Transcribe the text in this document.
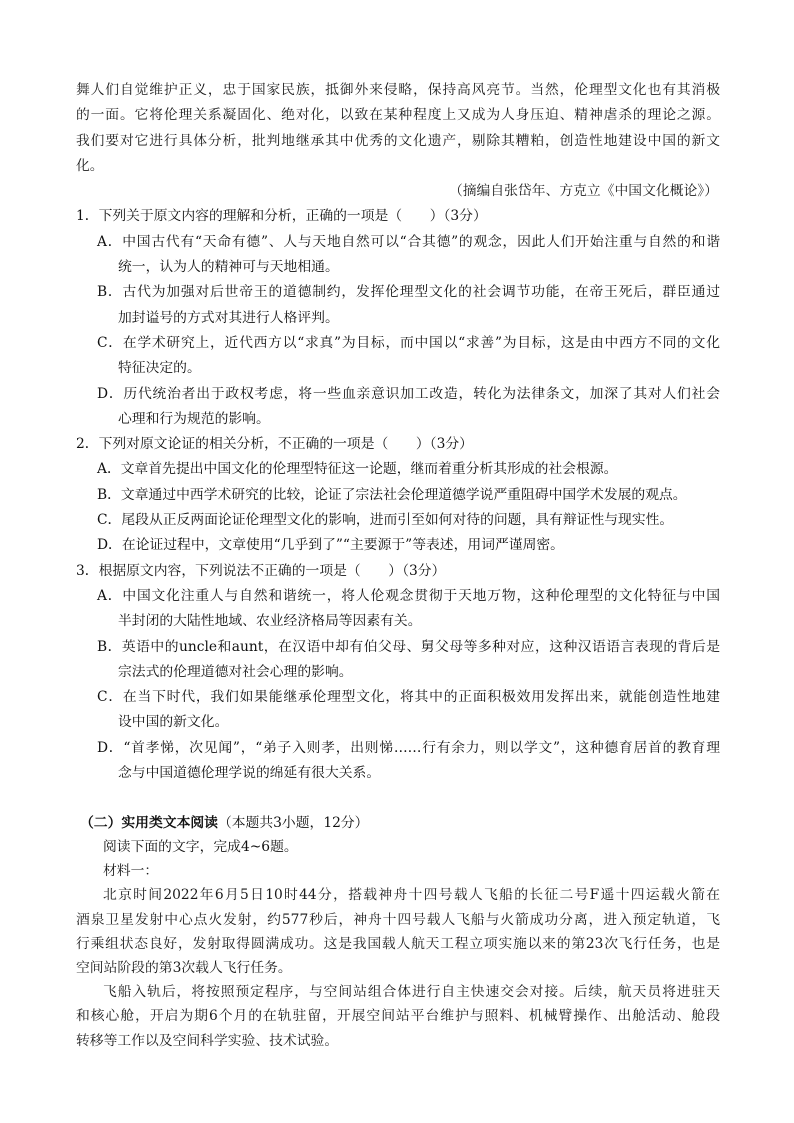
舞人们自觉维护正义，忠于国家民族，抵御外来侵略，保持高风亮节。当然，伦理型文化也有其消极
的一面。它将伦理关系凝固化、绝对化，以致在某种程度上又成为人身压迫、精神虐杀的理论之源。
我们要对它进行具体分析，批判地继承其中优秀的文化遗产，剔除其糟粕，创造性地建设中国的新文
化。
（摘编自张岱年、方克立《中国文化概论》）
1．下列关于原文内容的理解和分析，正确的一项是（　　）（3分）
A．中国古代有“天命有德”、人与天地自然可以“合其德”的观念，因此人们开始注重与自然的和谐
统一，认为人的精神可与天地相通。
B．古代为加强对后世帝王的道德制约，发挥伦理型文化的社会调节功能，在帝王死后，群臣通过
加封谥号的方式对其进行人格评判。
C．在学术研究上，近代西方以“求真”为目标，而中国以“求善”为目标，这是由中西方不同的文化
特征决定的。
D．历代统治者出于政权考虑，将一些血亲意识加工改造，转化为法律条文，加深了其对人们社会
心理和行为规范的影响。
2．下列对原文论证的相关分析，不正确的一项是（　　）（3分）
A．文章首先提出中国文化的伦理型特征这一论题，继而着重分析其形成的社会根源。
B．文章通过中西学术研究的比较，论证了宗法社会伦理道德学说严重阻碍中国学术发展的观点。
C．尾段从正反两面论证伦理型文化的影响，进而引至如何对待的问题，具有辩证性与现实性。
D．在论证过程中，文章使用“几乎到了”“主要源于”等表述，用词严谨周密。
3．根据原文内容，下列说法不正确的一项是（　　）（3分）
A．中国文化注重人与自然和谐统一，将人伦观念贯彻于天地万物，这种伦理型的文化特征与中国
半封闭的大陆性地域、农业经济格局等因素有关。
B．英语中的uncle和aunt，在汉语中却有伯父母、舅父母等多种对应，这种汉语语言表现的背后是
宗法式的伦理道德对社会心理的影响。
C．在当下时代，我们如果能继承伦理型文化，将其中的正面积极效用发挥出来，就能创造性地建
设中国的新文化。
D．“首孝悌，次见闻”，“弟子入则孝，出则悌……行有余力，则以学文”，这种德育居首的教育理
念与中国道德伦理学说的绵延有很大关系。
（二）实用类文本阅读（本题共3小题，12分）
阅读下面的文字，完成4~6题。
材料一：
北京时间2022年6月5日10时44分，搭载神舟十四号载人飞船的长征二号F遥十四运载火箭在
酒泉卫星发射中心点火发射，约577秒后，神舟十四号载人飞船与火箭成功分离，进入预定轨道，飞
行乘组状态良好，发射取得圆满成功。这是我国载人航天工程立项实施以来的第23次飞行任务，也是
空间站阶段的第3次载人飞行任务。
飞船入轨后，将按照预定程序，与空间站组合体进行自主快速交会对接。后续，航天员将进驻天
和核心舱，开启为期6个月的在轨驻留，开展空间站平台维护与照料、机械臂操作、出舱活动、舱段
转移等工作以及空间科学实验、技术试验。
